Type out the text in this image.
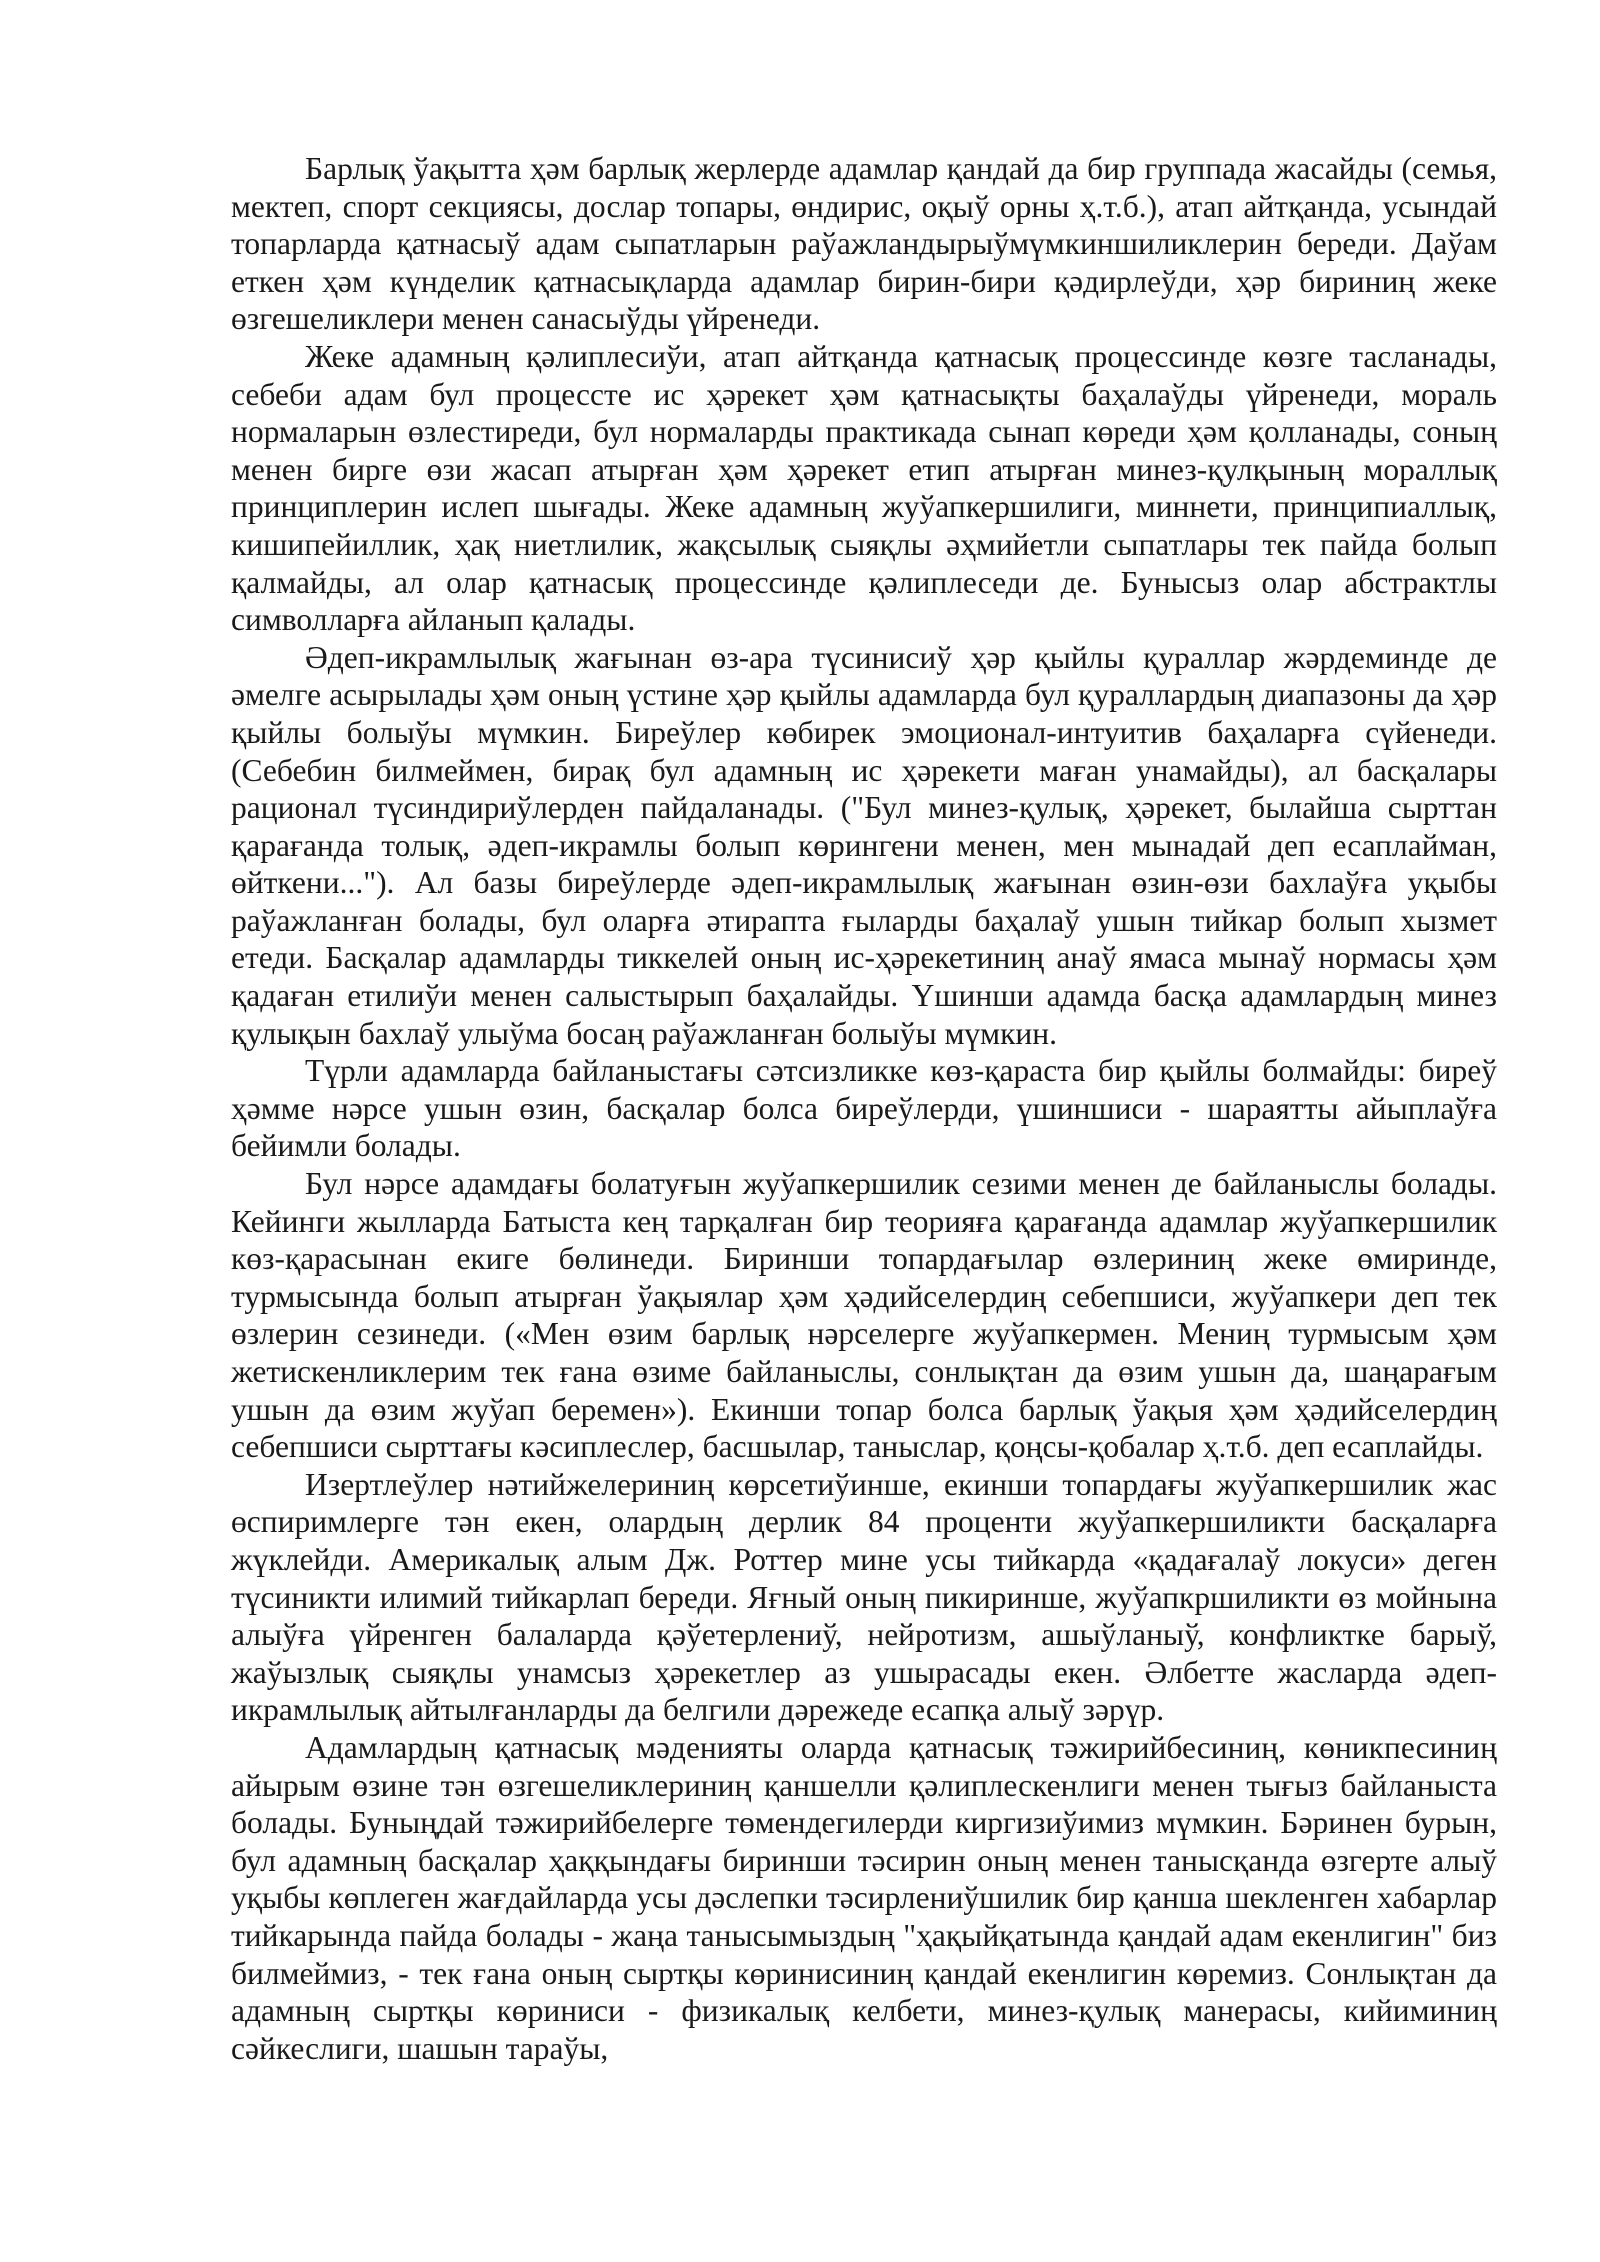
Барлық ўақытта ҳәм барлық жерлерде адамлар қандай да бир группада жасайды (семья, мектеп, спорт секциясы, дослар топары, өндирис, оқыў орны ҳ.т.б.), атап айтқанда, усындай топарларда қатнасыў адам сыпатларын раўажландырыўмүмкиншиликлерин береди. Даўам еткен ҳәм күнделик қатнасықларда адамлар бирин-бири қәдирлеўди, ҳәр бириниң жеке өзгешеликлери менен санасыўды үйренеди.

Жеке адамның қәлиплесиўи, атап айтқанда қатнасық процессинде көзге тасланады, себеби адам бул процессте ис ҳәрекет ҳәм қатнасықты баҳалаўды үйренеди, мораль нормаларын өзлестиреди, бул нормаларды практикада сынап көреди ҳәм қолланады, соның менен бирге өзи жасап атырған ҳәм ҳәрекет етип атырған минез-қулқының мораллық принциплерин ислеп шығады. Жеке адамның жуўапкершилиги, миннети, принципиаллық, кишипейиллик, ҳақ ниетлилик, жақсылық сыяқлы әҳмийетли сыпатлары тек пайда болып қалмайды, ал олар қатнасық процессинде қәлиплеседи де. Бунысыз олар абстрактлы символларға айланып қалады.

Әдеп-икрамлылық жағынан өз-ара түсинисиў ҳәр қыйлы қураллар жәрдеминде де әмелге асырылады ҳәм оның үстине ҳәр қыйлы адамларда бул қураллардың диапазоны да ҳәр қыйлы болыўы мүмкин. Биреўлер көбирек эмоционал-интуитив баҳаларға сүйенеди. (Себебин билмеймен, бирақ бул адамның ис ҳәрекети маған унамайды), ал басқалары рационал түсиндириўлерден пайдаланады. ("Бул минез-қулық, ҳәрекет, былайша сырттан қарағанда толық, әдеп-икрамлы болып көрингени менен, мен мынадай деп есаплайман, өйткени..."). Ал базы биреўлерде әдеп-икрамлылық жағынан өзин-өзи бахлаўға уқыбы раўажланған болады, бул оларға әтирапта ғыларды баҳалаў ушын тийкар болып хызмет етеди. Басқалар адамларды тиккелей оның ис-ҳәрекетиниң анаў ямаса мынаў нормасы ҳәм қадаған етилиўи менен салыстырып баҳалайды. Үшинши адамда басқа адамлардың минез қулықын бахлаў улыўма босаң раўажланған болыўы мүмкин.

Түрли адамларда байланыстағы сәтсизликке көз-қараста бир қыйлы болмайды: биреў ҳәмме нәрсе ушын өзин, басқалар болса биреўлерди, үшиншиси - шараятты айыплаўға бейимли болады.

Бул нәрсе адамдағы болатуғын жуўапкершилик сезими менен де байланыслы болады. Кейинги жылларда Батыста кең тарқалған бир теорияға қарағанда адамлар жуўапкершилик көз-қарасынан екиге бөлинеди. Биринши топардағылар өзлериниң жеке өмиринде, турмысында болып атырған ўақыялар ҳәм ҳәдийселердиң себепшиси, жуўапкери деп тек өзлерин сезинеди. («Мен өзим барлық нәрселерге жуўапкермен. Мениң турмысым ҳәм жетискенликлерим тек ғана өзиме байланыслы, сонлықтан да өзим ушын да, шаңарағым ушын да өзим жуўап беремен»). Екинши топар болса барлық ўақыя ҳәм ҳәдийселердиң себепшиси сырттағы кәсиплеслер, басшылар, таныслар, қоңсы-қобалар ҳ.т.б. деп есаплайды.

Изертлеўлер нәтийжелериниң көрсетиўинше, екинши топардағы жуўапкершилик жас өспиримлерге тән екен, олардың дерлик 84 проценти жуўапкершиликти басқаларға жүклейди. Америкалық алым Дж. Роттер мине усы тийкарда «қадағалаў локуси» деген түсиникти илимий тийкарлап береди. Яғный оның пикиринше, жуўапкршиликти өз мойнына алыўға үйренген балаларда қәўетерлениў, нейротизм, ашыўланыў, конфликтке барыў, жаўызлық сыяқлы унамсыз ҳәрекетлер аз ушырасады екен. Әлбетте жасларда әдеп-икрамлылық айтылғанларды да белгили дәрежеде есапқа алыў зәрүр.

Адамлардың қатнасық мәденияты оларда қатнасық тәжирийбесиниң, көникпесиниң айырым өзине тән өзгешеликлериниң қаншелли қәлиплескенлиги менен тығыз байланыста болады. Буныңдай тәжирийбелерге төмендегилерди киргизиўимиз мүмкин. Бәринен бурын, бул адамның басқалар ҳаққындағы биринши тәсирин оның менен танысқанда өзгерте алыў уқыбы көплеген жағдайларда усы дәслепки тәсирлениўшилик бир қанша шекленген хабарлар тийкарында пайда болады - жаңа танысымыздың "ҳақыйқатында қандай адам екенлигин" биз билмеймиз, - тек ғана оның сыртқы көринисиниң қандай екенлигин көремиз. Сонлықтан да адамның сыртқы көриниси - физикалық келбети, минез-қулық манерасы, кийиминиң сәйкеслиги, шашын тараўы,
